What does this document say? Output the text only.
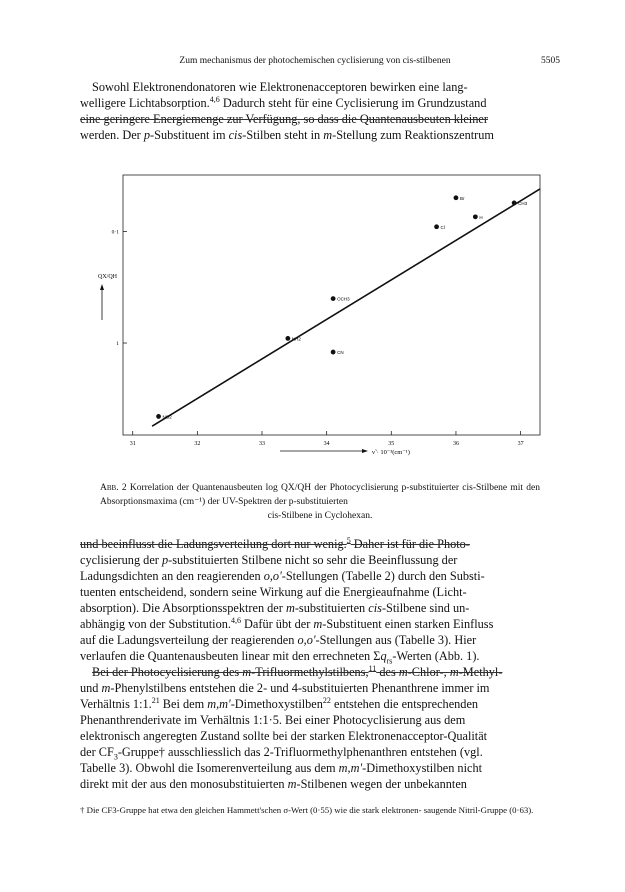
Zum mechanismus der photochemischen cyclisierung von cis-stilbenen	5505

Sowohl Elektronendonatoren wie Elektronenacceptoren bewirken eine lang-

welligere Lichtabsorption.$^{4,6}$ Dadurch steht für eine Cyclisierung im Grundzustand

eine geringere Energiemenge zur Verfügung, so dass die Quantenausbeuten kleiner

werden. Der p-Substituent im cis-Stilben steht in m-Stellung zum Reaktionszentrum

31	32	33	34	35	36	37
1
0·1
NO2
NH2
OCH3
CN
Cl
Br
H
CH3
QX/QH
ν̃ · 10⁻³(cm⁻¹)
Abb. 2 Korrelation der Quantenausbeuten log QX/QH der Photocyclisierung p-substituierter cis-Stilbene mit den Absorptionsmaxima (cm⁻¹) der UV-Spektren der p-substituierten
cis-Stilbene in Cyclohexan.

und beeinflusst die Ladungsverteilung dort nur wenig.$^5$ Daher ist für die Photo-

cyclisierung der p-substituierten Stilbene nicht so sehr die Beeinflussung der

Ladungsdichten an den reagierenden o,o'-Stellungen (Tabelle 2) durch den Substi-

tuenten entscheidend, sondern seine Wirkung auf die Energieaufnahme (Licht-

absorption). Die Absorptionsspektren der m-substituierten cis-Stilbene sind un-

abhängig von der Substitution.$^{4,6}$ Dafür übt der m-Substituent einen starken Einfluss

auf die Ladungsverteilung der reagierenden o,o'-Stellungen aus (Tabelle 3). Hier

verlaufen die Quantenausbeuten linear mit den errechneten $\Sigma q_{rs}$-Werten (Abb. 1).

Bei der Photocyclisierung des m-Trifluormethylstilbens,$^{11}$ des m-Chlor-, m-Methyl-

und m-Phenylstilbens entstehen die 2- und 4-substituierten Phenanthrene immer im

Verhältnis 1:1.21 Bei dem m,m'-Dimethoxystilben$^{22}$ entstehen die entsprechenden

Phenanthrenderivate im Verhältnis 1:1·5. Bei einer Photocyclisierung aus dem

elektronisch angeregten Zustand sollte bei der starken Elektronenacceptor-Qualität

der $CF_3-Gruppe\dagger$ ausschliesslich das 2-Trifluormethylphenanthren entstehen (vgl.

Tabelle 3). Obwohl die Isomerenverteilung aus dem m,m'-Dimethoxystilben nicht

direkt mit der aus den monosubstituierten m-Stilbenen wegen der unbekannten

† Die CF3-Gruppe hat etwa den gleichen Hammett'schen σ-Wert (0·55) wie die stark elektronen- saugende Nitril-Gruppe (0·63).
